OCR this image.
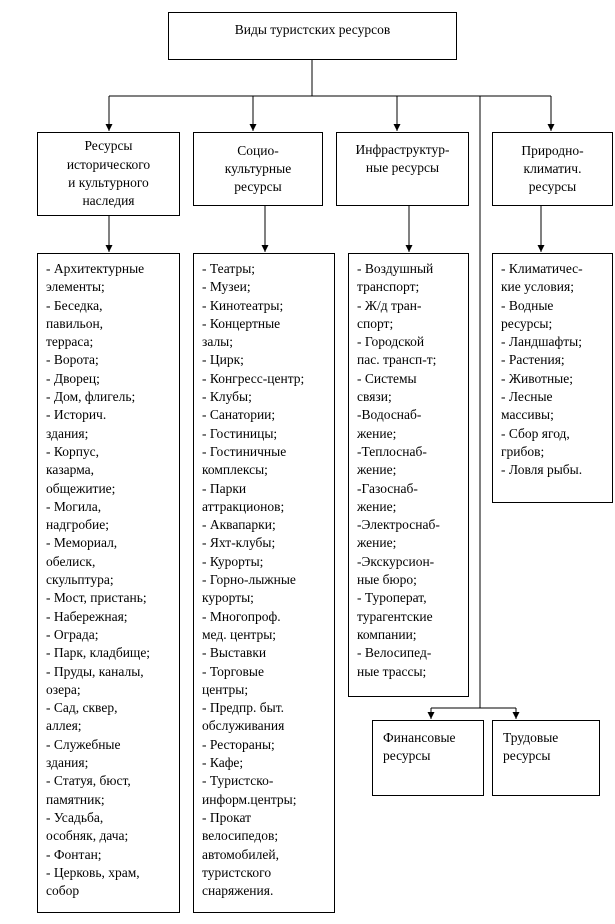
Виды туристских ресурсов
Ресурсы
исторического
и культурного
наследия
Социо-
культурные
ресурсы
Инфраструктур-
ные ресурсы
Природно-
климатич.
ресурсы
- Архитектурные
элементы;
- Беседка,
павильон,
терраса;
- Ворота;
- Дворец;
- Дом, флигель;
- Историч.
здания;
- Корпус,
казарма,
общежитие;
- Могила,
надгробие;
- Мемориал,
обелиск,
скульптура;
- Мост, пристань;
- Набережная;
- Ограда;
- Парк, кладбище;
- Пруды, каналы,
озера;
- Сад, сквер,
аллея;
- Служебные
здания;
- Статуя, бюст,
памятник;
- Усадьба,
особняк, дача;
- Фонтан;
- Церковь, храм,
собор
- Театры;
- Музеи;
- Кинотеатры;
- Концертные
залы;
- Цирк;
- Конгресс-центр;
- Клубы;
- Санатории;
- Гостиницы;
- Гостиничные
комплексы;
- Парки
аттракционов;
- Аквапарки;
- Яхт-клубы;
- Курорты;
- Горно-лыжные
курорты;
- Многопроф.
мед. центры;
- Выставки
- Торговые
центры;
- Предпр. быт.
обслуживания
- Рестораны;
- Кафе;
- Туристско-
информ.центры;
- Прокат
велосипедов;
автомобилей,
туристского
снаряжения.
- Воздушный
транспорт;
- Ж/д тран-
спорт;
- Городской
пас. трансп-т;
- Системы
связи;
-Водоснаб-
жение;
-Теплоснаб-
жение;
-Газоснаб-
жение;
-Электроснаб-
жение;
-Экскурсион-
ные бюро;
- Туроперат,
турагентские
компании;
- Велосипед-
ные трассы;
- Климатичес-
кие условия;
- Водные
ресурсы;
- Ландшафты;
- Растения;
- Животные;
- Лесные
массивы;
- Сбор ягод,
грибов;
- Ловля рыбы.
Финансовые
ресурсы
Трудовые
ресурсы
